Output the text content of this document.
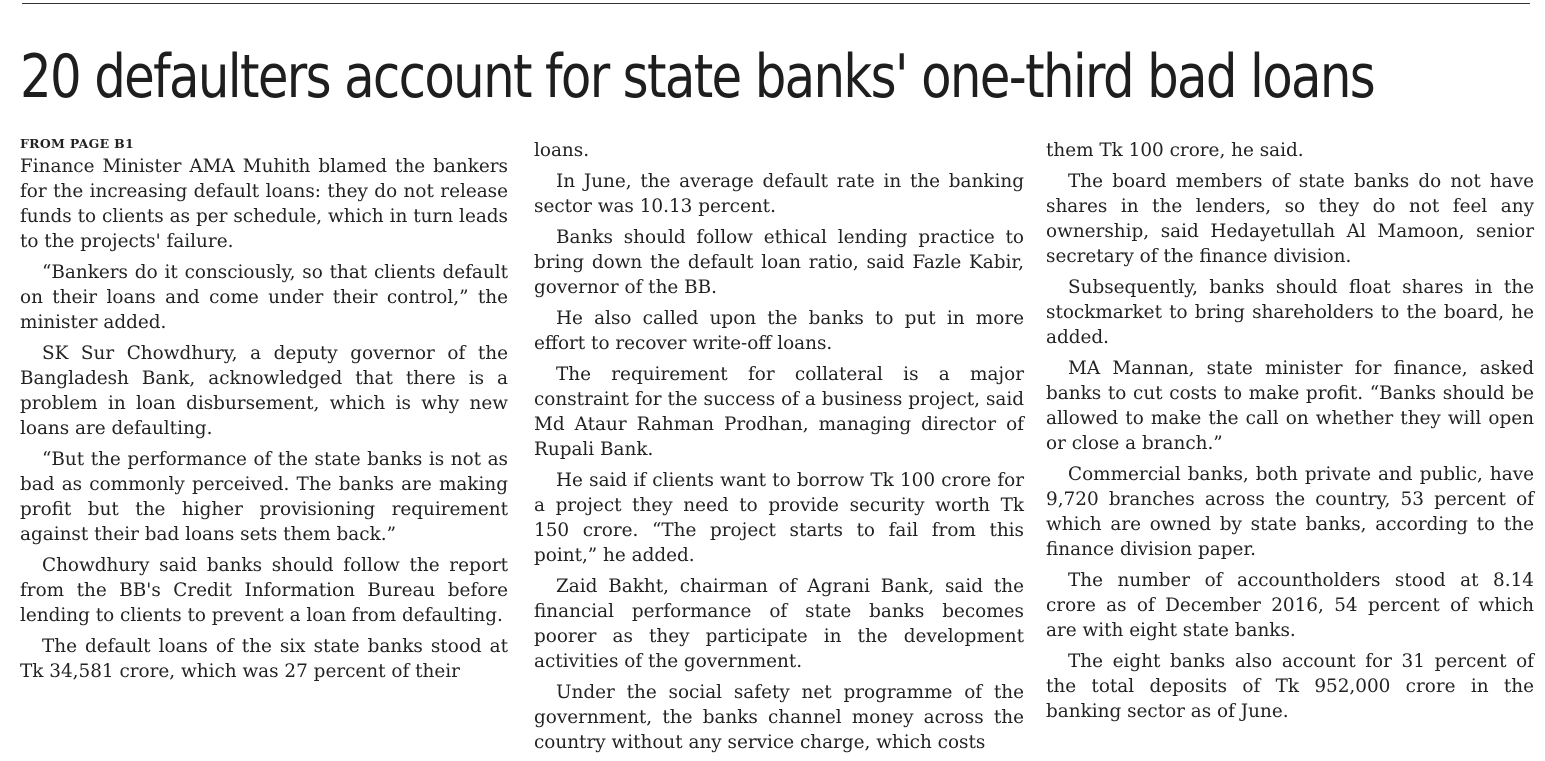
20 defaulters account for state banks' one-third bad loans
FROM PAGE B1

Finance Minister AMA Muhith blamed the bankers for the increasing default loans: they do not release funds to clients as per schedule, which in turn leads to the projects' failure.

“Bankers do it consciously, so that clients default on their loans and come under their control,” the minister added.

SK Sur Chowdhury, a deputy governor of the Bangladesh Bank, acknowledged that there is a problem in loan disbursement, which is why new loans are defaulting.

“But the performance of the state banks is not as bad as commonly perceived. The banks are making profit but the higher provisioning requirement against their bad loans sets them back.”

Chowdhury said banks should follow the report from the BB's Credit Information Bureau before lending to clients to prevent a loan from defaulting.

The default loans of the six state banks stood at Tk 34,581 crore, which was 27 percent of their

loans.

In June, the average default rate in the banking sector was 10.13 percent.

Banks should follow ethical lending practice to bring down the default loan ratio, said Fazle Kabir, governor of the BB.

He also called upon the banks to put in more effort to recover write-off loans.

The requirement for collateral is a major constraint for the success of a business project, said Md Ataur Rahman Prodhan, managing director of Rupali Bank.

He said if clients want to borrow Tk 100 crore for a project they need to provide security worth Tk 150 crore. “The project starts to fail from this point,” he added.

Zaid Bakht, chairman of Agrani Bank, said the financial performance of state banks becomes poorer as they participate in the development activities of the government.

Under the social safety net programme of the government, the banks channel money across the country without any service charge, which costs

them Tk 100 crore, he said.

The board members of state banks do not have shares in the lenders, so they do not feel any ownership, said Hedayetullah Al Mamoon, senior secretary of the finance division.

Subsequently, banks should float shares in the stockmarket to bring shareholders to the board, he added.

MA Mannan, state minister for finance, asked banks to cut costs to make profit. “Banks should be allowed to make the call on whether they will open or close a branch.”

Commercial banks, both private and public, have 9,720 branches across the country, 53 percent of which are owned by state banks, according to the finance division paper.

The number of accountholders stood at 8.14 crore as of December 2016, 54 percent of which are with eight state banks.

The eight banks also account for 31 percent of the total deposits of Tk 952,000 crore in the banking sector as of June.
